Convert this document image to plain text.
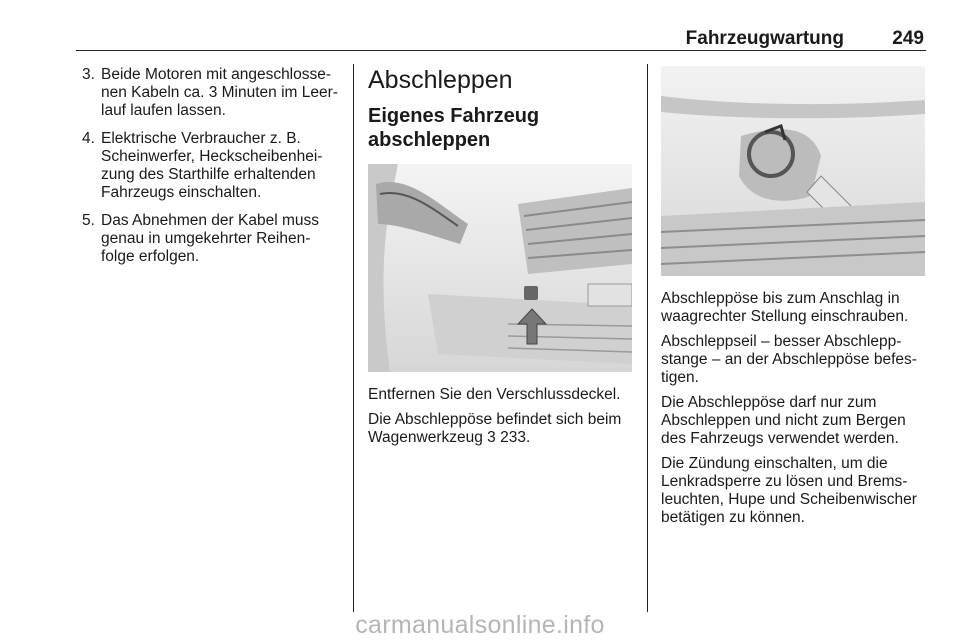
Fahrzeugwartung	249
3. Beide Motoren mit angeschlosse-nen Kabeln ca. 3 Minuten im Leer-lauf laufen lassen.
4. Elektrische Verbraucher z. B. Scheinwerfer, Heckscheibenhei-zung des Starthilfe erhaltenden Fahrzeugs einschalten.
5. Das Abnehmen der Kabel muss genau in umgekehrter Reihen-folge erfolgen.
Abschleppen
Eigenes Fahrzeug abschleppen

Entfernen Sie den Verschlussdeckel.

Die Abschleppöse befindet sich beim Wagenwerkzeug 3 233.

Abschleppöse bis zum Anschlag in waagrechter Stellung einschrauben.

Abschleppseil – besser Abschlepp-stange – an der Abschleppöse befes-tigen.

Die Abschleppöse darf nur zum Abschleppen und nicht zum Bergen des Fahrzeugs verwendet werden.

Die Zündung einschalten, um die Lenkradsperre zu lösen und Brems-leuchten, Hupe und Scheibenwischer betätigen zu können.

carmanualsonline.info
